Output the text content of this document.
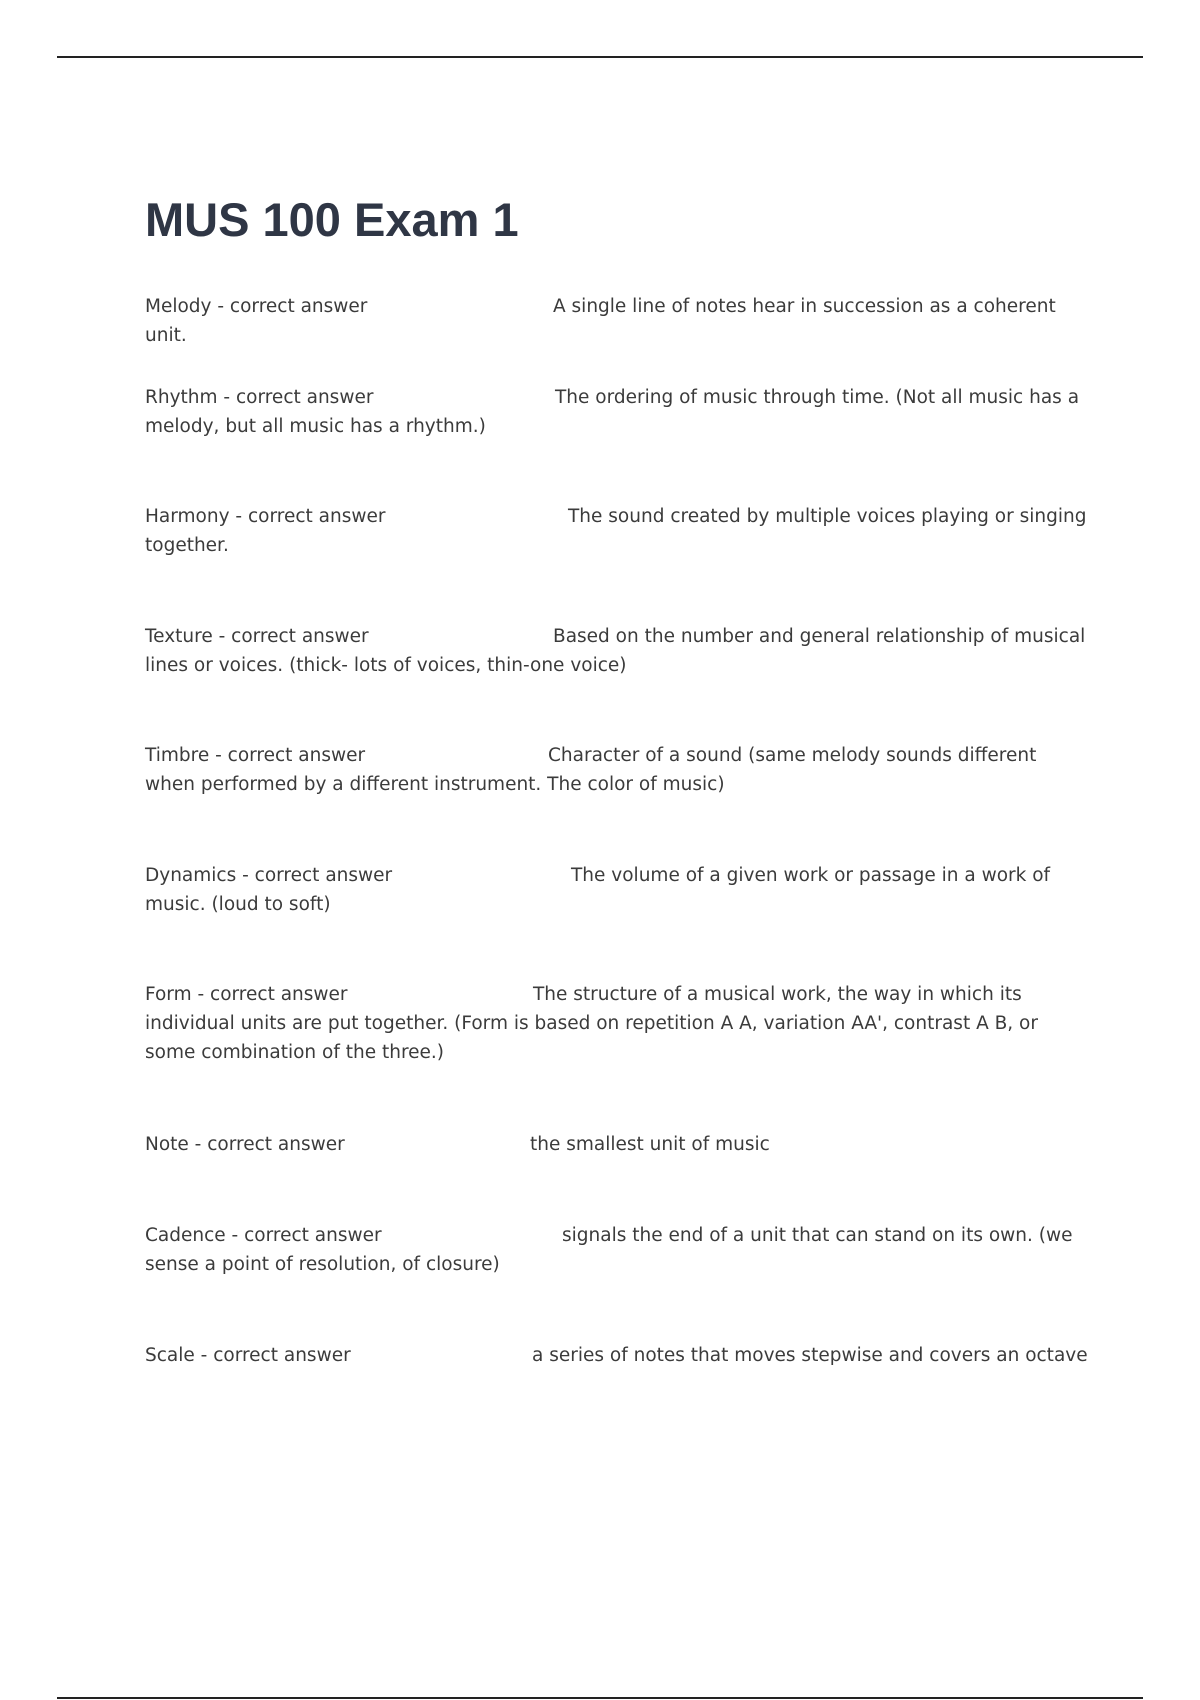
MUS 100 Exam 1
Melody - correct answer	A single line of notes hear in succession as a coherent unit.
Rhythm - correct answer	The ordering of music through time. (Not all music has a melody, but all music has a rhythm.)
Harmony - correct answer	The sound created by multiple voices playing or singing together.
Texture - correct answer	Based on the number and general relationship of musical lines or voices. (thick- lots of voices, thin-one voice)
Timbre - correct answer	Character of a sound (same melody sounds different when performed by a different instrument. The color of music)
Dynamics - correct answer	The volume of a given work or passage in a work of music. (loud to soft)
Form - correct answer	The structure of a musical work, the way in which its individual units are put together. (Form is based on repetition A A, variation AA', contrast A B, or some combination of the three.)
Note - correct answer	the smallest unit of music
Cadence - correct answer	signals the end of a unit that can stand on its own. (we sense a point of resolution, of closure)
Scale - correct answer	a series of notes that moves stepwise and covers an octave
